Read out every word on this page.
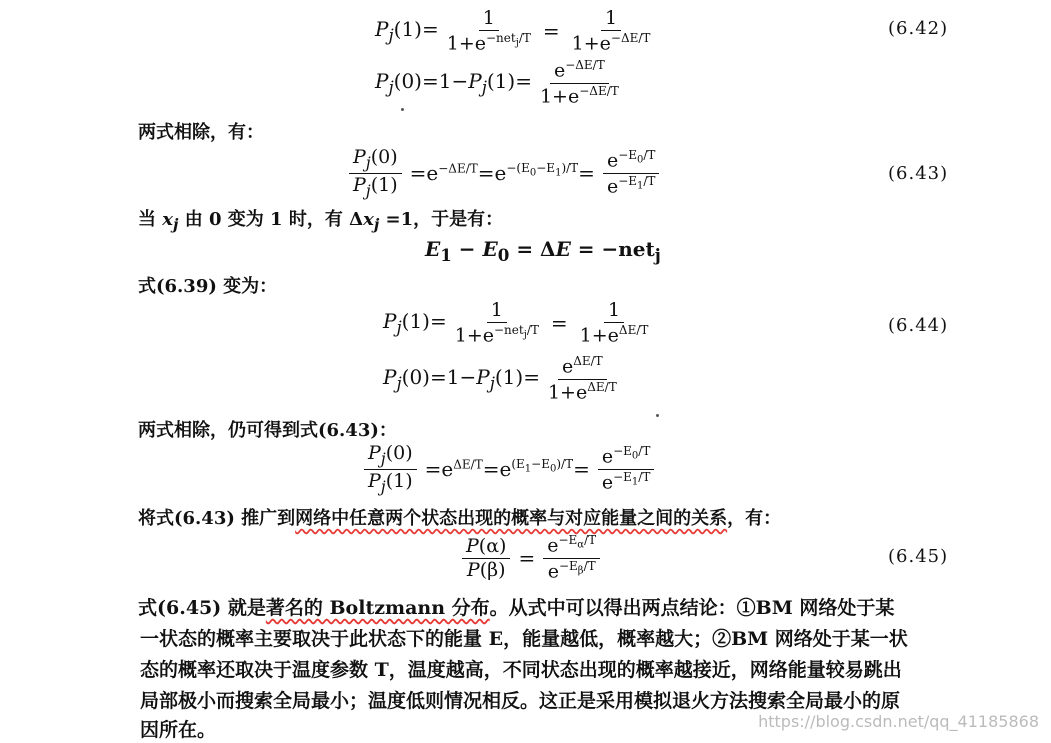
$P_j(1)= \frac{1}{1+e^{-net_j/T}} = \frac{1}{1+e^{-\Delta E/T}}$	(6.42)
$P_j(0)=1-P_j(1)= \frac{e^{-\Delta E/T}}{1+e^{-\Delta E/T}}$
两式相除，有：
$\frac{P_j(0)}{P_j(1)} =e^{-\Delta E/T}=e^{-(E_0-E_1)/T}= \frac{e^{-E_0/T}}{e^{-E_1/T}}$	(6.43)
当 $x_j$ 由 0 变为 1 时，有 $\Delta x_j =1$，于是有：
$E_1 - E_0 = \Delta E = -net_j$
式(6.39) 变为：
$P_j(1)= \frac{1}{1+e^{-net_j/T}} = \frac{1}{1+e^{\Delta E/T}}$	(6.44)
$P_j(0)=1-P_j(1)= \frac{e^{\Delta E/T}}{1+e^{\Delta E/T}}$
两式相除，仍可得到式(6.43)：
$\frac{P_j(0)}{P_j(1)} =e^{\Delta E/T}=e^{(E_1-E_0)/T}= \frac{e^{-E_0/T}}{e^{-E_1/T}}$
将式(6.43) 推广到网络中任意两个状态出现的概率与对应能量之间的关系，有：
$\frac{P(\alpha)}{P(\beta)} = \frac{e^{-E_\alpha/T}}{e^{-E_\beta/T}}$	(6.45)
式(6.45) 就是著名的 Boltzmann 分布。从式中可以得出两点结论：①BM 网络处于某
一状态的概率主要取决于此状态下的能量 E，能量越低，概率越大；②BM 网络处于某一状
态的概率还取决于温度参数 T，温度越高，不同状态出现的概率越接近，网络能量较易跳出
局部极小而搜索全局最小；温度低则情况相反。这正是采用模拟退火方法搜索全局最小的原
因所在。	https://blog.csdn.net/qq_41185868
